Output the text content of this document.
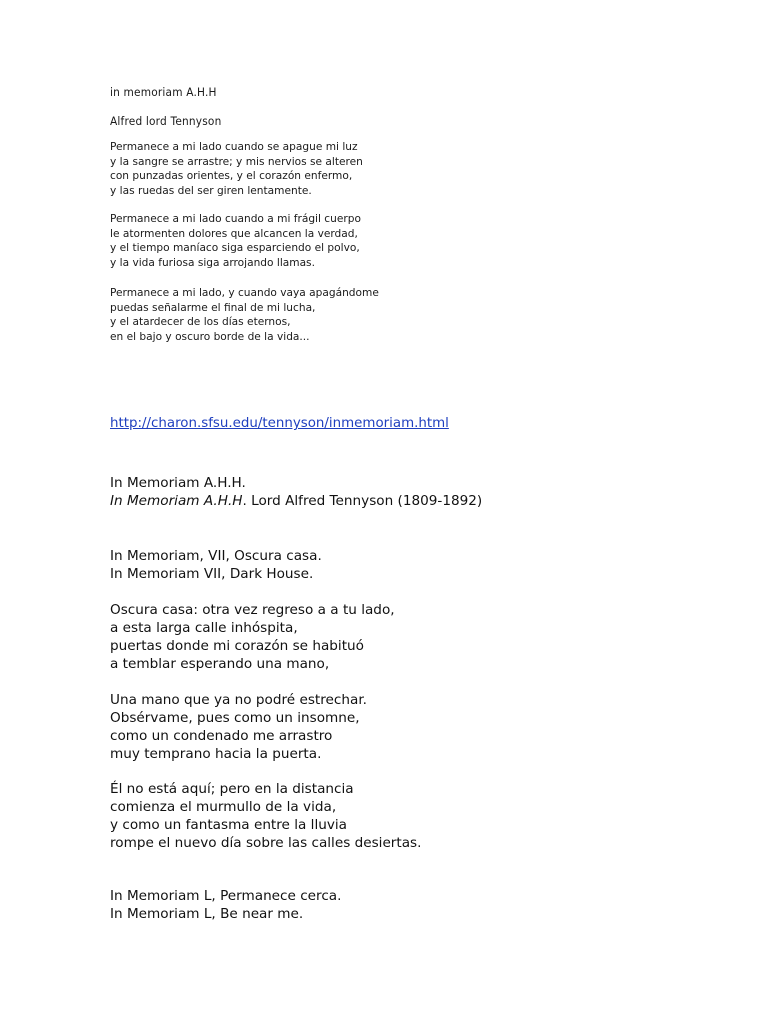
in memoriam A.H.H

Alfred lord Tennyson

Permanece a mi lado cuando se apague mi luz
y la sangre se arrastre; y mis nervios se alteren
con punzadas orientes, y el corazón enfermo,
y las ruedas del ser giren lentamente.
Permanece a mi lado cuando a mi frágil cuerpo
le atormenten dolores que alcancen la verdad,
y el tiempo maníaco siga esparciendo el polvo,
y la vida furiosa siga arrojando llamas.
Permanece a mi lado, y cuando vaya apagándome
puedas señalarme el final de mi lucha,
y el atardecer de los días eternos,
en el bajo y oscuro borde de la vida...
http://charon.sfsu.edu/tennyson/inmemoriam.html
In Memoriam A.H.H.
In Memoriam A.H.H. Lord Alfred Tennyson (1809-1892)
In Memoriam, VII, Oscura casa.
In Memoriam VII, Dark House.
Oscura casa: otra vez regreso a a tu lado,
a esta larga calle inhóspita,
puertas donde mi corazón se habituó
a temblar esperando una mano,
Una mano que ya no podré estrechar.
Obsérvame, pues como un insomne,
como un condenado me arrastro
muy temprano hacia la puerta.
Él no está aquí; pero en la distancia
comienza el murmullo de la vida,
y como un fantasma entre la lluvia
rompe el nuevo día sobre las calles desiertas.
In Memoriam L, Permanece cerca.
In Memoriam L, Be near me.
